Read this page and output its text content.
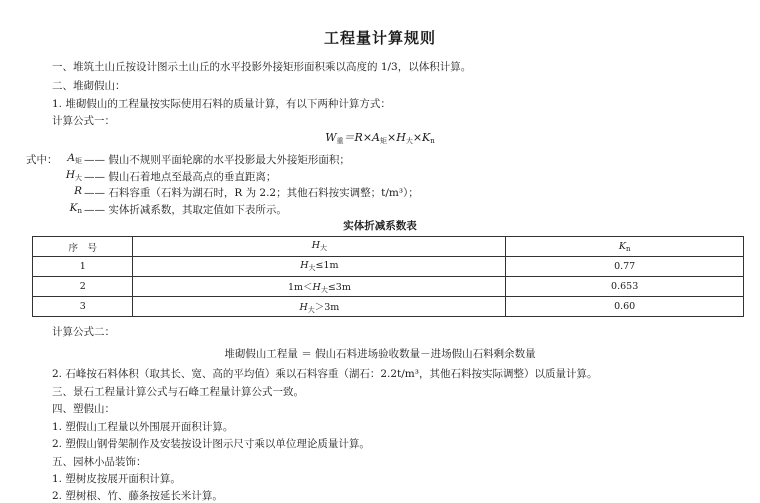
工程量计算规则
一、堆筑土山丘按设计图示土山丘的水平投影外接矩形面积乘以高度的 1/3，以体积计算。
二、堆砌假山：
1. 堆砌假山的工程量按实际使用石料的质量计算，有以下两种计算方式：
计算公式一：
$W_重=R\times A_矩\times H_大\times K_n$
式中： $A_矩$ —— 假山不规则平面轮廓的水平投影最大外接矩形面积；
$H_大$ —— 假山石着地点至最高点的垂直距离；
R —— 石料容重（石料为湖石时，R 为 2.2；其他石料按实调整；t/m³）；
$K_n$ —— 实体折减系数，其取定值如下表所示。
实体折减系数表
序　号	$H_大$	$K_n$
1	$H_大\le 1m$	0.77
2	$1m<H_大\le 3m$	0.653
3	$H_大>3m$	0.60
计算公式二：
堆砌假山工程量 ＝ 假山石料进场验收数量－进场假山石料剩余数量
2. 石峰按石料体积（取其长、宽、高的平均值）乘以石料容重（湖石：2.2t/m³，其他石料按实际调整）以质量计算。
三、景石工程量计算公式与石峰工程量计算公式一致。
四、塑假山：
1. 塑假山工程量以外围展开面积计算。
2. 塑假山钢骨架制作及安装按设计图示尺寸乘以单位理论质量计算。
五、园林小品装饰：
1. 塑树皮按展开面积计算。
2. 塑树根、竹、藤条按延长米计算。
